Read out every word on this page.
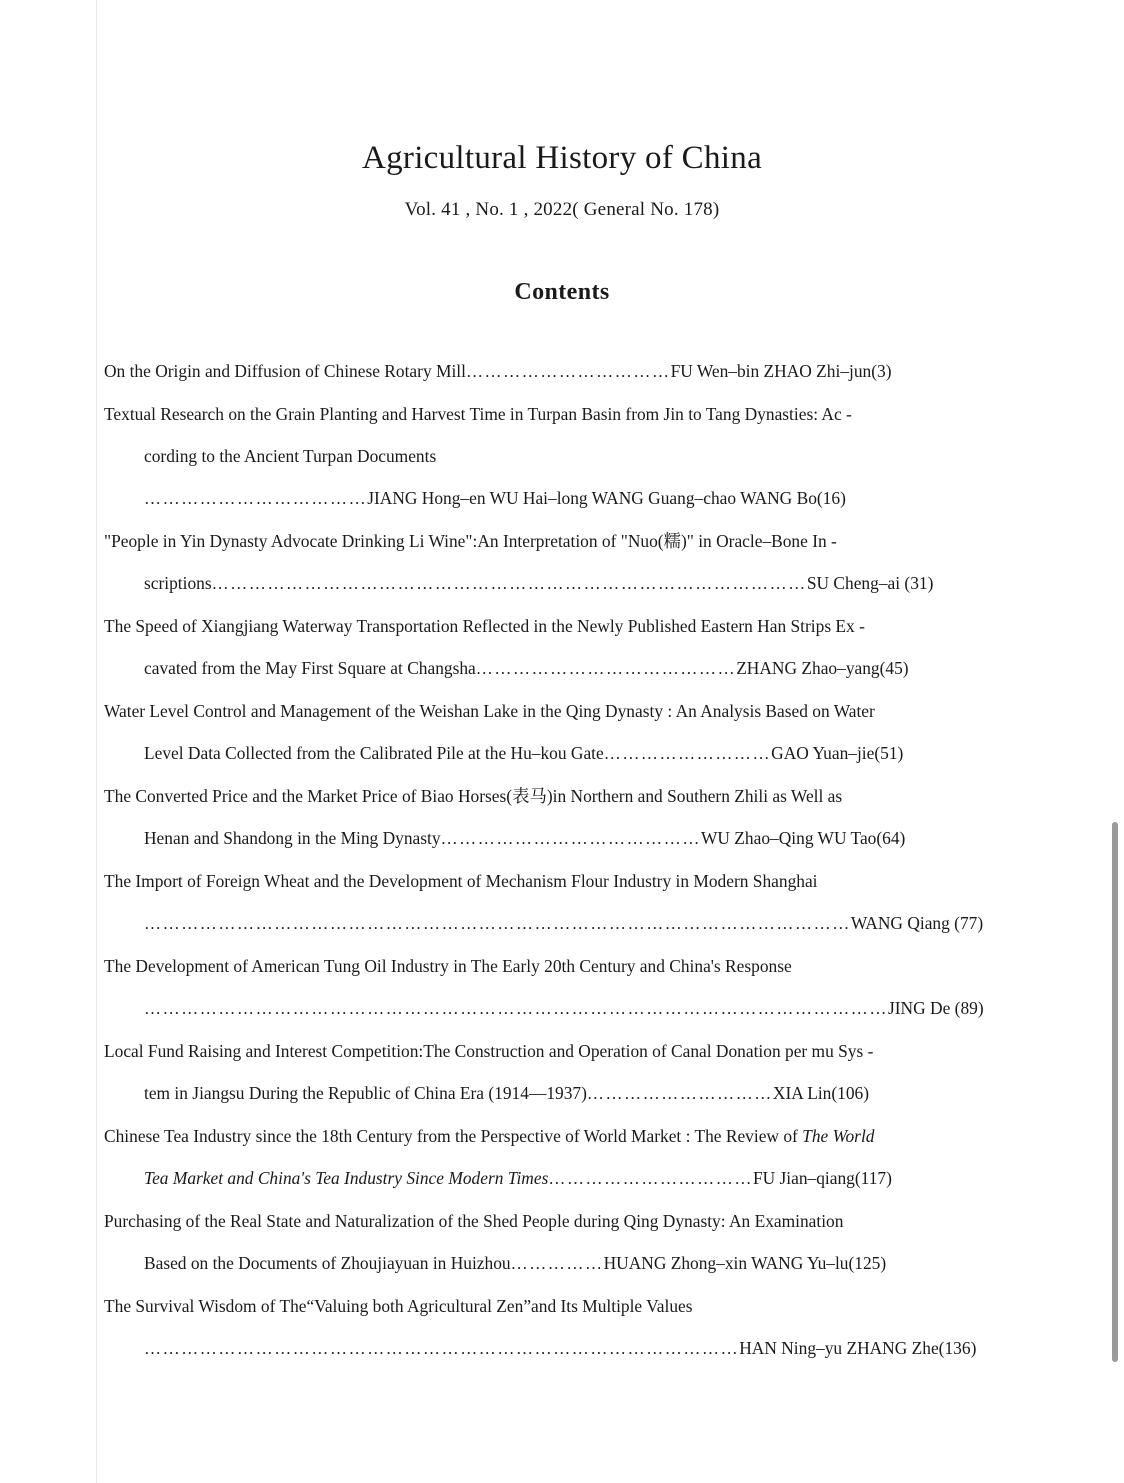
Agricultural History of China
Vol. 41 , No. 1 , 2022( General No. 178)
Contents
On the Origin and Diffusion of Chinese Rotary Mill……………………………FU Wen–bin ZHAO Zhi–jun(3)
Textual Research on the Grain Planting and Harvest Time in Turpan Basin from Jin to Tang Dynasties: Ac -
cording to the Ancient Turpan Documents
………………………………JIANG Hong–en WU Hai–long WANG Guang–chao WANG Bo(16)
"People in Yin Dynasty Advocate Drinking Li Wine":An Interpretation of "Nuo(糯)" in Oracle–Bone In -
scriptions……………………………………………………………………………………SU Cheng–ai (31)
The Speed of Xiangjiang Waterway Transportation Reflected in the Newly Published Eastern Han Strips Ex -
cavated from the May First Square at Changsha……………………………………ZHANG Zhao–yang(45)
Water Level Control and Management of the Weishan Lake in the Qing Dynasty : An Analysis Based on Water
Level Data Collected from the Calibrated Pile at the Hu–kou Gate………………………GAO Yuan–jie(51)
The Converted Price and the Market Price of Biao Horses(表马)in Northern and Southern Zhili as Well as
Henan and Shandong in the Ming Dynasty……………………………………WU Zhao–Qing WU Tao(64)
The Import of Foreign Wheat and the Development of Mechanism Flour Industry in Modern Shanghai
……………………………………………………………………………………………………WANG Qiang (77)
The Development of American Tung Oil Industry in The Early 20th Century and China's Response
…………………………………………………………………………………………………………JING De (89)
Local Fund Raising and Interest Competition:The Construction and Operation of Canal Donation per mu Sys -
tem in Jiangsu During the Republic of China Era (1914—1937)…………………………XIA Lin(106)
Chinese Tea Industry since the 18th Century from the Perspective of World Market : The Review of The World
Tea Market and China's Tea Industry Since Modern Times……………………………FU Jian–qiang(117)
Purchasing of the Real State and Naturalization of the Shed People during Qing Dynasty: An Examination
Based on the Documents of Zhoujiayuan in Huizhou……………HUANG Zhong–xin WANG Yu–lu(125)
The Survival Wisdom of The“Valuing both Agricultural Zen”and Its Multiple Values
……………………………………………………………………………………HAN Ning–yu ZHANG Zhe(136)
